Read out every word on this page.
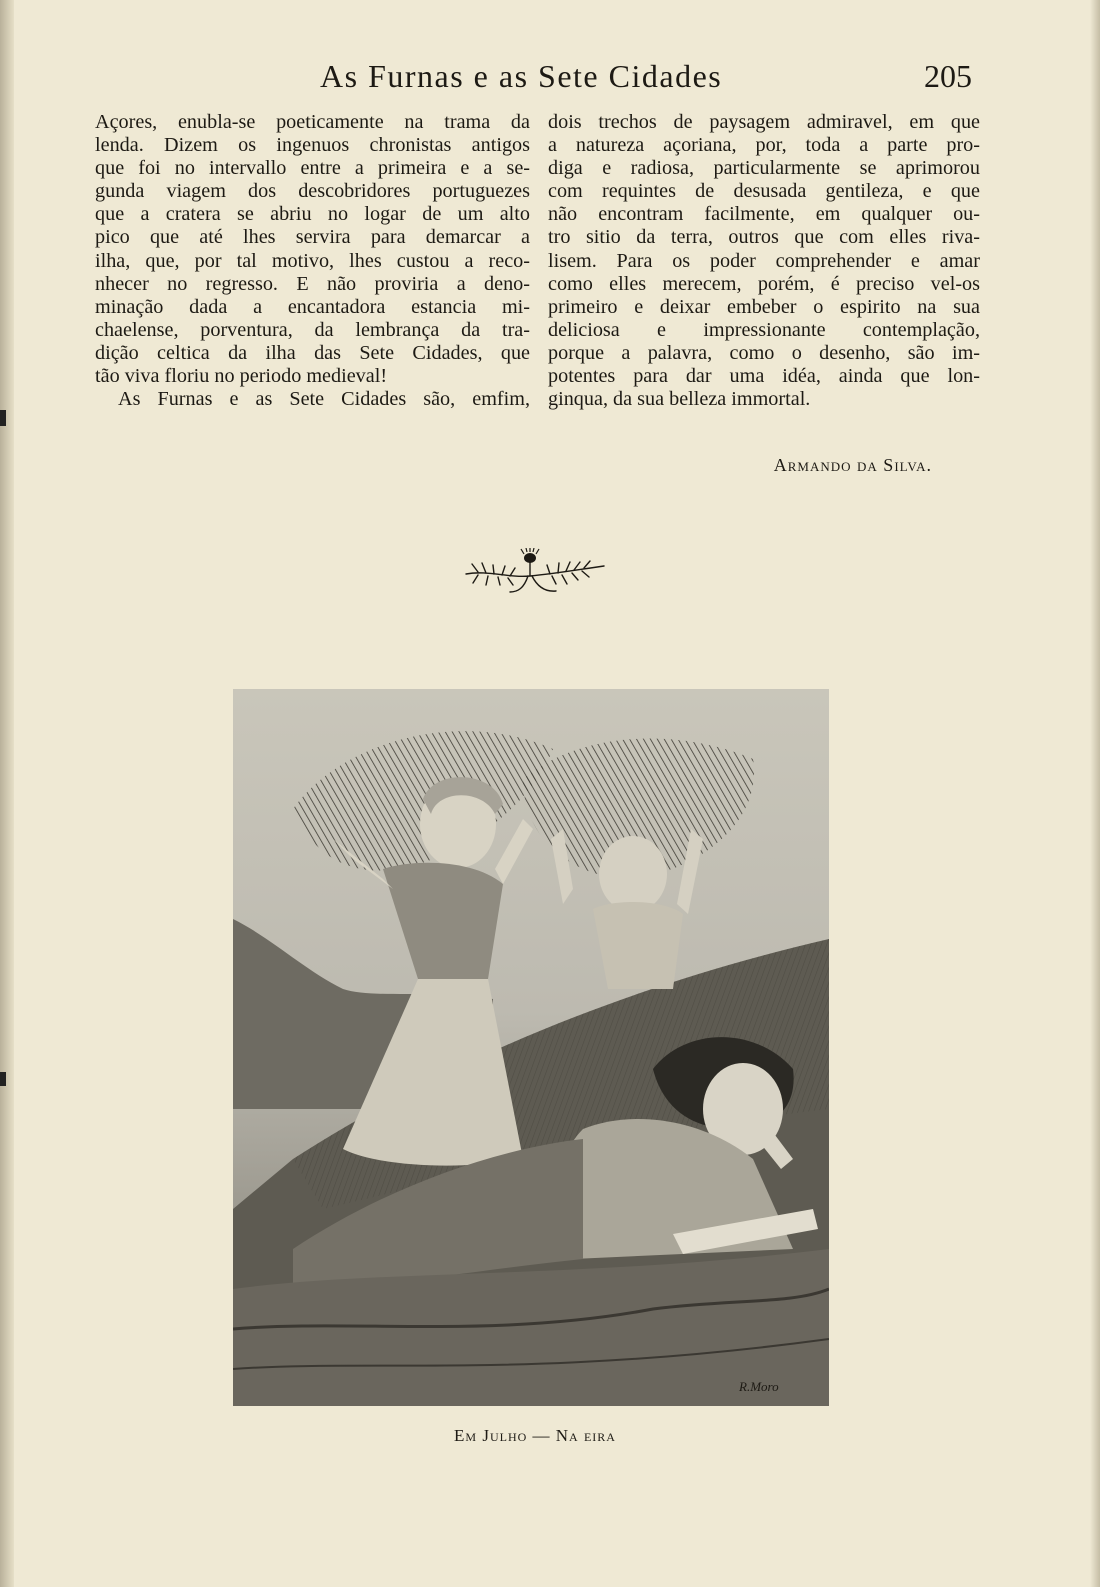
As Furnas e as Sete Cidades	205

Açores, enubla-se poeticamente na trama da
lenda. Dizem os ingenuos chronistas antigos
que foi no intervallo entre a primeira e a se-
gunda viagem dos descobridores portuguezes
que a cratera se abriu no logar de um alto
pico que até lhes servira para demarcar a
ilha, que, por tal motivo, lhes custou a reco-
nhecer no regresso. E não proviria a deno-
minação dada a encantadora estancia mi-
chaelense, porventura, da lembrança da tra-
dição celtica da ilha das Sete Cidades, que
tão viva floriu no periodo medieval!

As Furnas e as Sete Cidades são, emfim,

dois trechos de paysagem admiravel, em que
a natureza açoriana, por, toda a parte pro-
diga e radiosa, particularmente se aprimorou
com requintes de desusada gentileza, e que
não encontram facilmente, em qualquer ou-
tro sitio da terra, outros que com elles riva-
lisem. Para os poder comprehender e amar
como elles merecem, porém, é preciso vel-os
primeiro e deixar embeber o espirito na sua
deliciosa e impressionante contemplação,
porque a palavra, como o desenho, são im-
potentes para dar uma idéa, ainda que lon-
ginqua, da sua belleza immortal.

Armando da Silva.
R.Moro
Em Julho — Na eira
